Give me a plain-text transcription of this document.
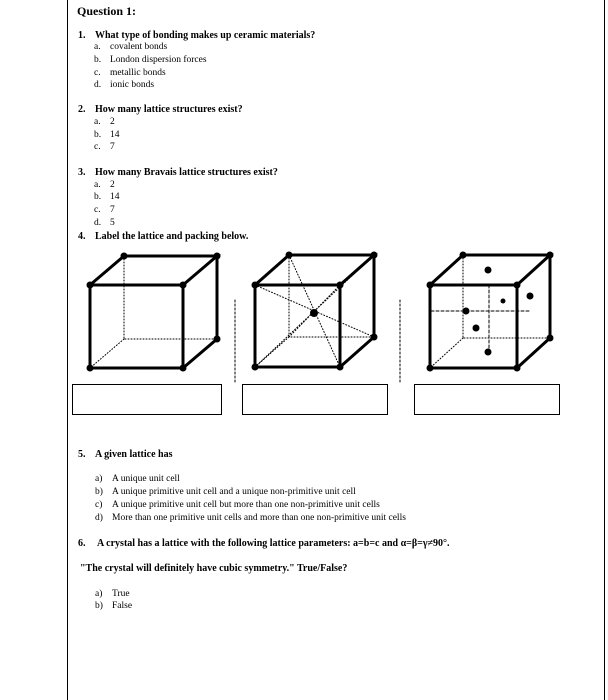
Question 1:
1. What type of bonding makes up ceramic materials?
a. covalent bonds
b. London dispersion forces
c. metallic bonds
d. ionic bonds
2. How many lattice structures exist?
a. 2
b. 14
c. 7
3. How many Bravais lattice structures exist?
a. 2
b. 14
c. 7
d. 5
4. Label the lattice and packing below.
5. A given lattice has
a) A unique unit cell
b) A unique primitive unit cell and a unique non-primitive unit cell
c) A unique primitive unit cell but more than one non-primitive unit cells
d) More than one primitive unit cells and more than one non-primitive unit cells
6. A crystal has a lattice with the following lattice parameters: a=b=c and α=β=γ≠90°.
"The crystal will definitely have cubic symmetry." True/False?
a) True
b) False
